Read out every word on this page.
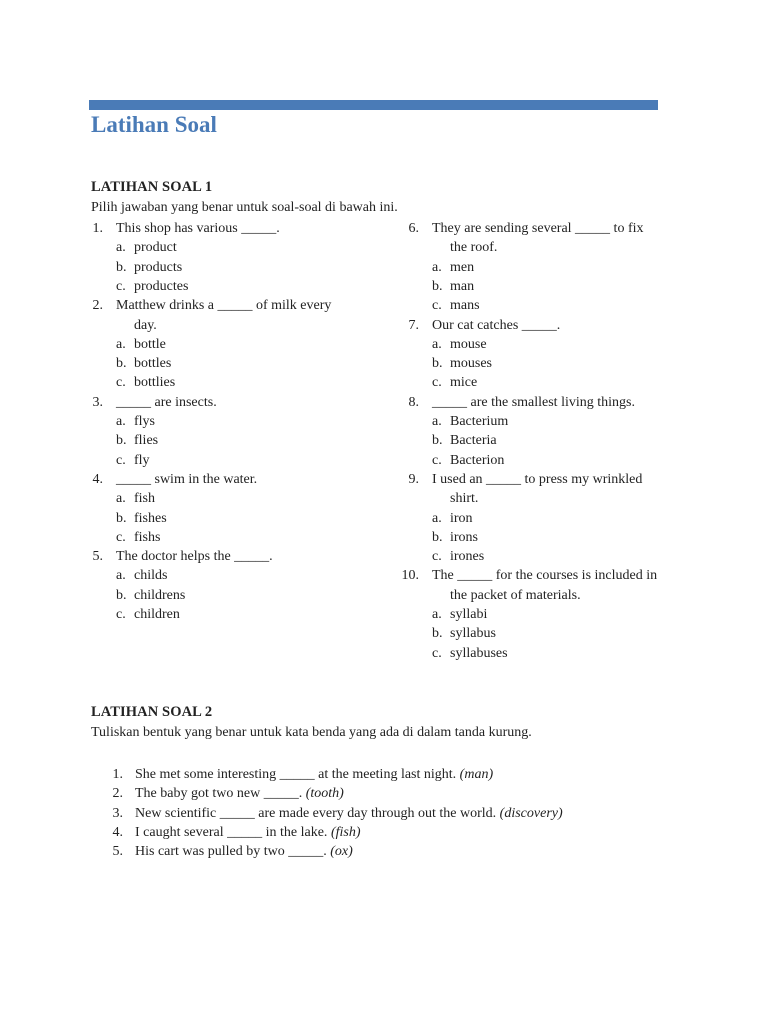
Latihan Soal
LATIHAN SOAL 1
Pilih jawaban yang benar untuk soal-soal di bawah ini.
1. This shop has various _____.
a. product
b. products
c. productes
2. Matthew drinks a _____ of milk every
day.
a. bottle
b. bottles
c. bottlies
3. _____ are insects.
a. flys
b. flies
c. fly
4. _____ swim in the water.
a. fish
b. fishes
c. fishs
5. The doctor helps the _____.
a. childs
b. childrens
c. children
6. They are sending several _____ to fix
the roof.
a. men
b. man
c. mans
7. Our cat catches _____.
a. mouse
b. mouses
c. mice
8. _____ are the smallest living things.
a. Bacterium
b. Bacteria
c. Bacterion
9. I used an _____ to press my wrinkled
shirt.
a. iron
b. irons
c. irones
10. The _____ for the courses is included in
the packet of materials.
a. syllabi
b. syllabus
c. syllabuses
LATIHAN SOAL 2
Tuliskan bentuk yang benar untuk kata benda yang ada di dalam tanda kurung.
1. She met some interesting _____ at the meeting last night. (man)
2. The baby got two new _____. (tooth)
3. New scientific _____ are made every day through out the world. (discovery)
4. I caught several _____ in the lake. (fish)
5. His cart was pulled by two _____. (ox)
